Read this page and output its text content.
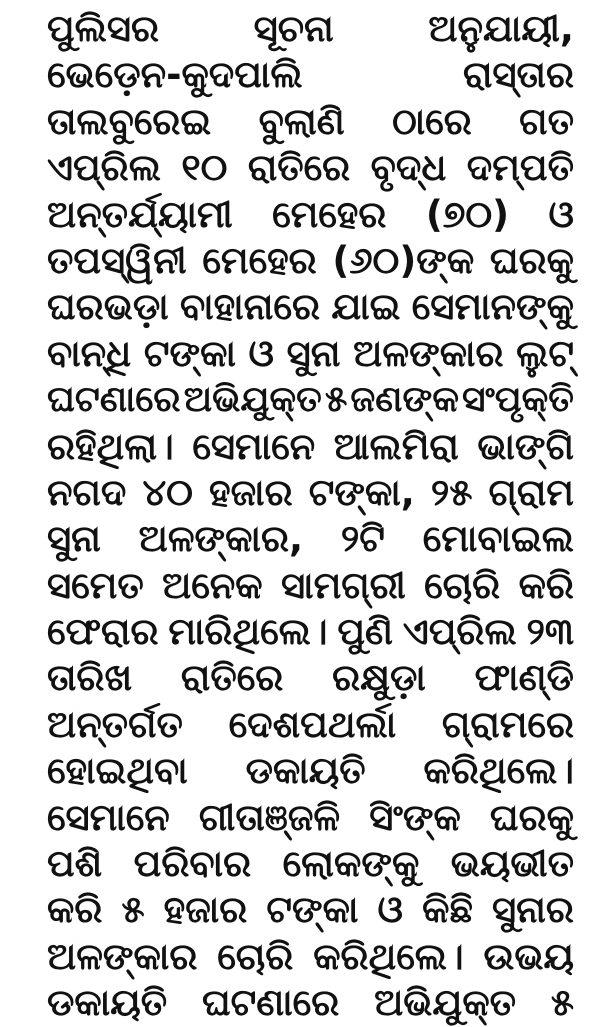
ପୁଲିସର	ସୂଚନା	ଅନୁଯାୟୀ,
ଭେଡ଼େନ-କୁଦପାଲି	ରାସ୍ତାର
ତାଲବୁରେଇ ବୁଲାଣି ଠାରେ ଗତ
ଏପ୍ରିଲ ୧୦ ରାତିରେ ବୃଦ୍ଧ ଦମ୍ପତି
ଅନ୍ତର୍ଯ୍ୟାମୀ ମେହେର (୭୦) ଓ
ତପସ୍ୱିନୀ ମେହେର (୬୦)ଙ୍କ ଘରକୁ
ଘରଭଡ଼ା ବାହାନାରେ ଯାଇ ସେମାନଙ୍କୁ
ବାନ୍ଧି ଟଙ୍କା ଓ ସୁନା ଅଳଙ୍କାର ଲୁଟ୍
ଘଟଣାରେ ଅଭିଯୁକ୍ତ ୫ ଜଣଙ୍କ ସଂପୃକ୍ତି
ରହିଥିଲା। ସେମାନେ ଆଲମିରା ଭାଙ୍ଗି
ନଗଦ ୪୦ ହଜାର ଟଙ୍କା, ୨୫ ଗ୍ରାମ
ସୁନା ଅଳଙ୍କାର, ୨ଟି ମୋବାଇଲ
ସମେତ ଅନେକ ସାମଗ୍ରୀ ଚୋରି କରି
ଫେରାର ମାରିଥିଲେ। ପୁଣି ଏପ୍ରିଲ ୨୩
ତାରିଖ ରାତିରେ ରକ୍ଷୁଡ଼ା ଫାଣ୍ଡି
ଅନ୍ତର୍ଗତ ଦେଶପଥର୍ଲା ଗ୍ରାମରେ
ହୋଇଥିବା ଡକାୟତି କରିଥିଲେ।
ସେମାନେ ଗୀତାଞ୍ଜଳି ସିଂଙ୍କ ଘରକୁ
ପଶି ପରିବାର ଲୋକଙ୍କୁ ଭୟଭୀତ
କରି ୫ ହଜାର ଟଙ୍କା ଓ କିଛି ସୁନାର
ଅଳଙ୍କାର ଚୋରି କରିଥିଲେ। ଉଭୟ
ଡକାୟତି ଘଟଣାରେ ଅଭିଯୁକ୍ତ ୫
